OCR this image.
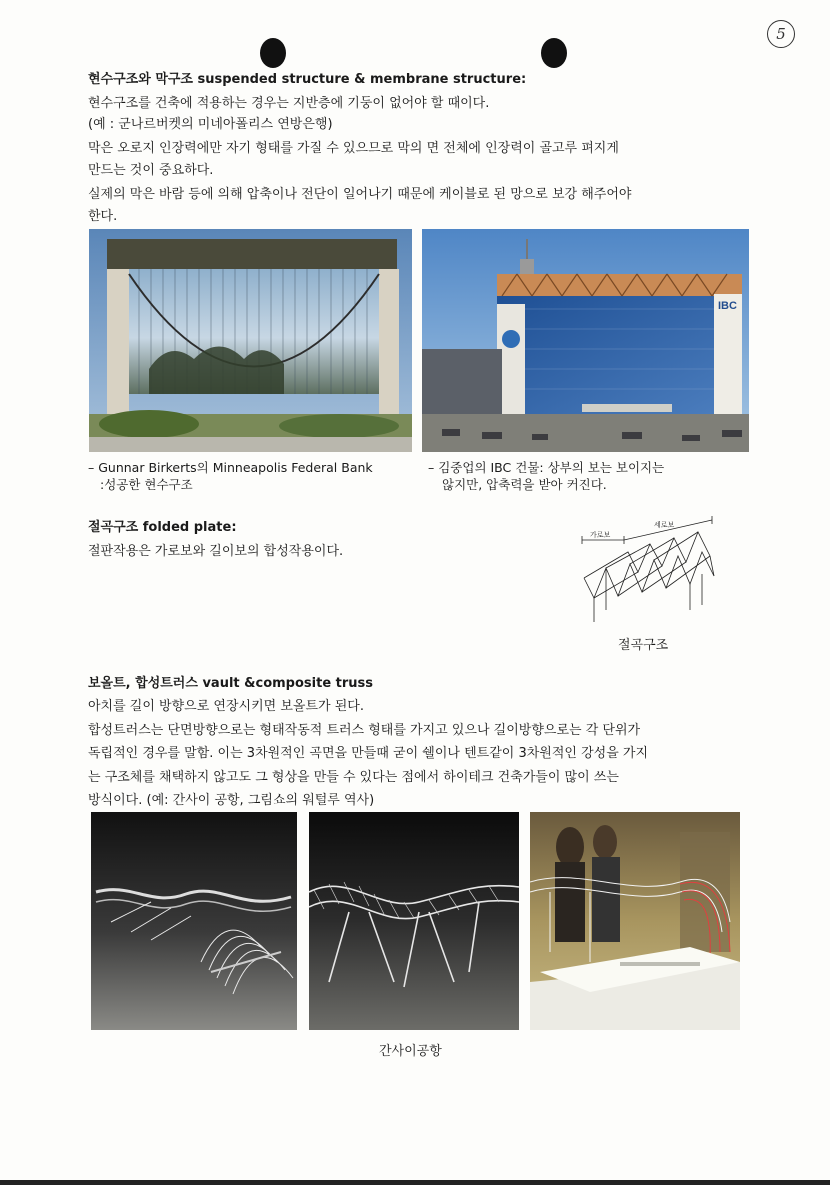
5
현수구조와 막구조 suspended structure & membrane structure:
현수구조를 건축에 적용하는 경우는 지반층에 기둥이 없어야 할 때이다.
(예 : 군나르버켓의 미네아폴리스 연방은행)
막은 오로지 인장력에만 자기 형태를 가질 수 있으므로 막의 면 전체에 인장력이 골고루 펴지게
만드는 것이 중요하다.
실제의 막은 바람 등에 의해 압축이나 전단이 일어나기 때문에 케이블로 된 망으로 보강 해주어야
한다.
IBC
– Gunnar Birkerts의 Minneapolis Federal Bank
:성공한 현수구조
– 김중업의 IBC 건물: 상부의 보는 보이지는
않지만, 압축력을 받아 커진다.
절곡구조 folded plate:
절판작용은 가로보와 길이보의 합성작용이다.
가로보
세로보
절곡구조
보올트, 합성트러스 vault &composite truss
아치를 길이 방향으로 연장시키면 보올트가 된다.
합성트러스는 단면방향으로는 형태작동적 트러스 형태를 가지고 있으나 길이방향으로는 각 단위가
독립적인 경우를 말함. 이는 3차원적인 곡면을 만들때 굳이 쉘이나 텐트같이 3차원적인 강성을 가지
는 구조체를 채택하지 않고도 그 형상을 만들 수 있다는 점에서 하이테크 건축가들이 많이 쓰는
방식이다. (예: 간사이 공항, 그림쇼의 워털루 역사)
간사이공항
